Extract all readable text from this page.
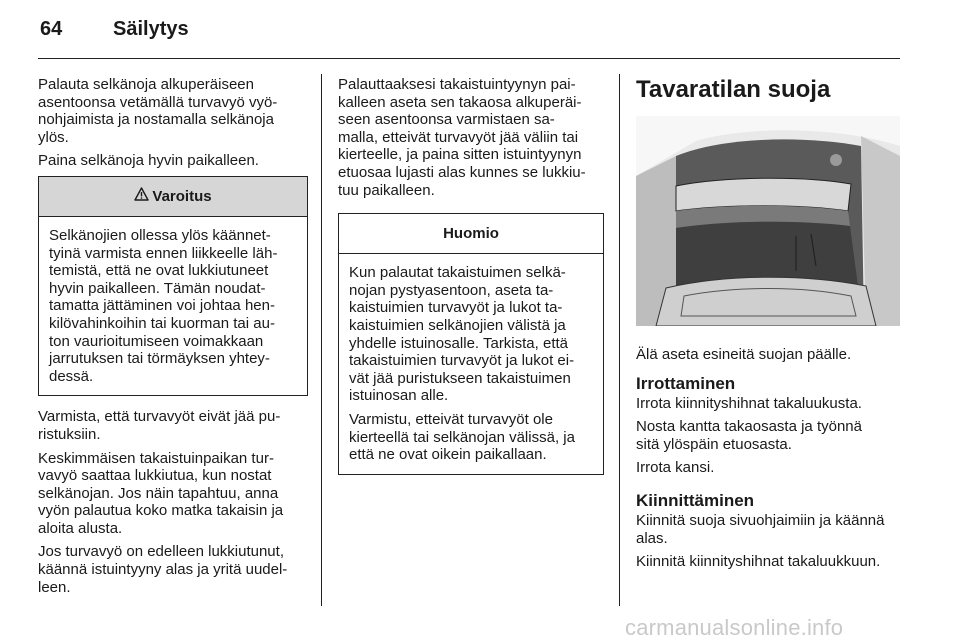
64	Säilytys

Palauta selkänoja alkuperäiseen
asentoonsa vetämällä turvavyö vyö-
nohjaimista ja nostamalla selkänoja
ylös.

Paina selkänoja hyvin paikalleen.

Varoitus

Selkänojien ollessa ylös käännet-
tyinä varmista ennen liikkeelle läh-
temistä, että ne ovat lukkiutuneet
hyvin paikalleen. Tämän noudat-
tamatta jättäminen voi johtaa hen-
kilövahinkoihin tai kuorman tai au-
ton vaurioitumiseen voimakkaan
jarrutuksen tai törmäyksen yhtey-
dessä.

Varmista, että turvavyöt eivät jää pu-
ristuksiin.

Keskimmäisen takaistuinpaikan tur-
vavyö saattaa lukkiutua, kun nostat
selkänojan. Jos näin tapahtuu, anna
vyön palautua koko matka takaisin ja
aloita alusta.

Jos turvavyö on edelleen lukkiutunut,
käännä istuintyyny alas ja yritä uudel-
leen.

Palauttaaksesi takaistuintyynyn pai-
kalleen aseta sen takaosa alkuperäi-
seen asentoonsa varmistaen sa-
malla, etteivät turvavyöt jää väliin tai
kierteelle, ja paina sitten istuintyynyn
etuosaa lujasti alas kunnes se lukkiu-
tuu paikalleen.

Huomio

Kun palautat takaistuimen selkä-
nojan pystyasentoon, aseta ta-
kaistuimien turvavyöt ja lukot ta-
kaistuimien selkänojien välistä ja
yhdelle istuinosalle. Tarkista, että
takaistuimien turvavyöt ja lukot ei-
vät jää puristukseen takaistuimen
istuinosan alle.

Varmistu, etteivät turvavyöt ole
kierteellä tai selkänojan välissä, ja
että ne ovat oikein paikallaan.

Tavaratilan suoja

Älä aseta esineitä suojan päälle.

Irrottaminen

Irrota kiinnityshihnat takaluukusta.

Nosta kantta takaosasta ja työnnä
sitä ylöspäin etuosasta.

Irrota kansi.

Kiinnittäminen

Kiinnitä suoja sivuohjaimiin ja käännä
alas.

Kiinnitä kiinnityshihnat takaluukkuun.

carmanualsonline.info
